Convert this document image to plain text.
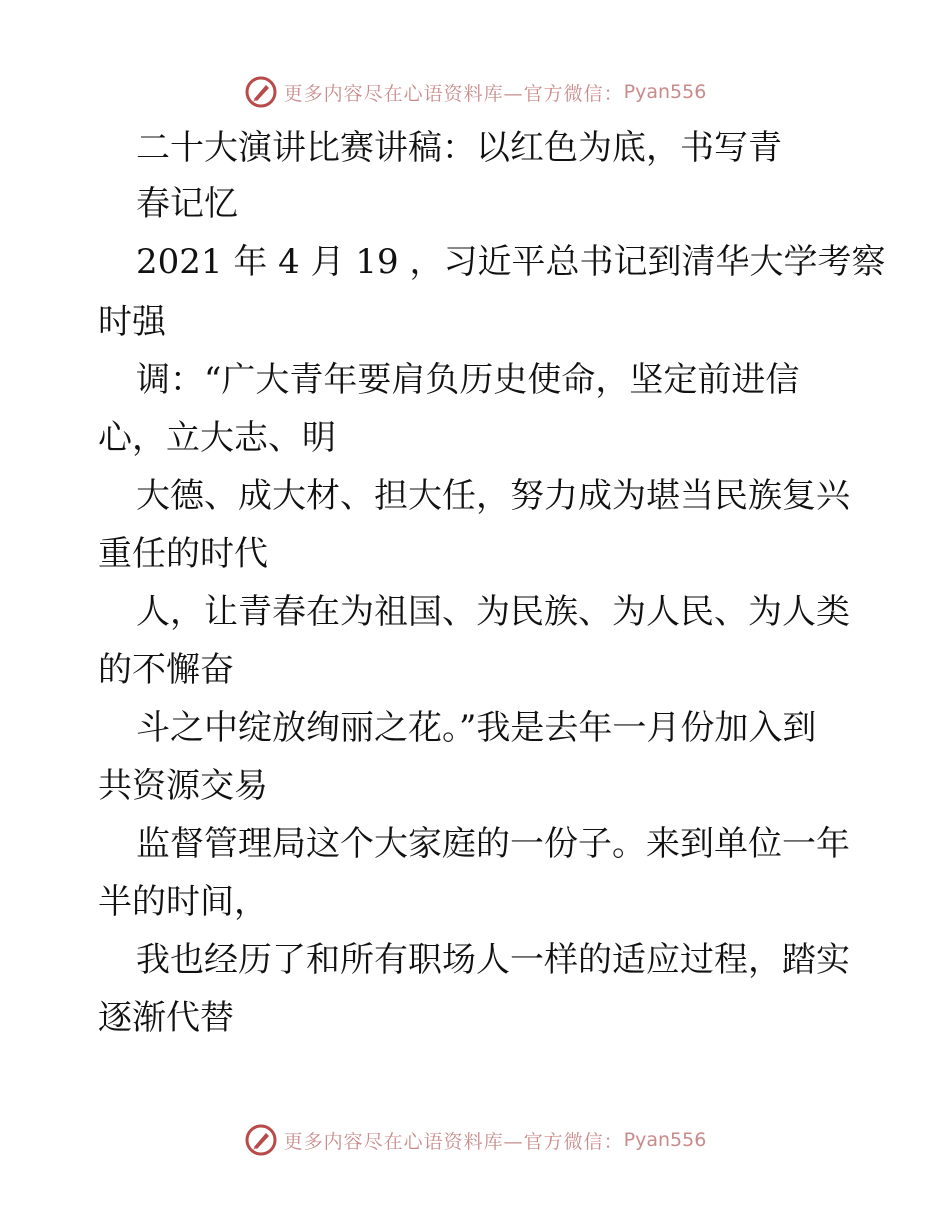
更多内容尽在心语资料库—官方微信： Pyan556
二十大演讲比赛讲稿：以红色为底，书写青
春记忆
2021 年 4 月 19 ，习近平总书记到清华大学考察
时强
调：“广大青年要肩负历史使命，坚定前进信
心，立大志、明
大德、成大材、担大任，努力成为堪当民族复兴
重任的时代
人，让青春在为祖国、为民族、为人民、为人类
的不懈奋
斗之中绽放绚丽之花。”我是去年一月份加入到
共资源交易
监督管理局这个大家庭的一份子。来到单位一年
半的时间，
我也经历了和所有职场人一样的适应过程，踏实
逐渐代替
更多内容尽在心语资料库—官方微信： Pyan556
